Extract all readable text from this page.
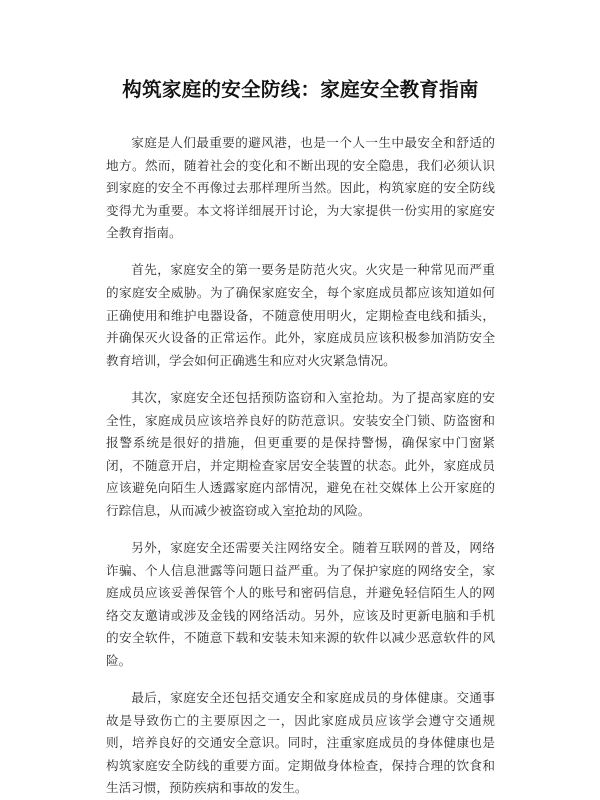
构筑家庭的安全防线：家庭安全教育指南

家庭是人们最重要的避风港，也是一个人一生中最安全和舒适的地方。然而，随着社会的变化和不断出现的安全隐患，我们必须认识到家庭的安全不再像过去那样理所当然。因此，构筑家庭的安全防线变得尤为重要。本文将详细展开讨论，为大家提供一份实用的家庭安全教育指南。

首先，家庭安全的第一要务是防范火灾。火灾是一种常见而严重的家庭安全威胁。为了确保家庭安全，每个家庭成员都应该知道如何正确使用和维护电器设备，不随意使用明火，定期检查电线和插头，并确保灭火设备的正常运作。此外，家庭成员应该积极参加消防安全教育培训，学会如何正确逃生和应对火灾紧急情况。

其次，家庭安全还包括预防盗窃和入室抢劫。为了提高家庭的安全性，家庭成员应该培养良好的防范意识。安装安全门锁、防盗窗和报警系统是很好的措施，但更重要的是保持警惕，确保家中门窗紧闭，不随意开启，并定期检查家居安全装置的状态。此外，家庭成员应该避免向陌生人透露家庭内部情况，避免在社交媒体上公开家庭的行踪信息，从而减少被盗窃或入室抢劫的风险。

另外，家庭安全还需要关注网络安全。随着互联网的普及，网络诈骗、个人信息泄露等问题日益严重。为了保护家庭的网络安全，家庭成员应该妥善保管个人的账号和密码信息，并避免轻信陌生人的网络交友邀请或涉及金钱的网络活动。另外，应该及时更新电脑和手机的安全软件，不随意下载和安装未知来源的软件以减少恶意软件的风险。

最后，家庭安全还包括交通安全和家庭成员的身体健康。交通事故是导致伤亡的主要原因之一，因此家庭成员应该学会遵守交通规则，培养良好的交通安全意识。同时，注重家庭成员的身体健康也是构筑家庭安全防线的重要方面。定期做身体检查，保持合理的饮食和生活习惯，预防疾病和事故的发生。
